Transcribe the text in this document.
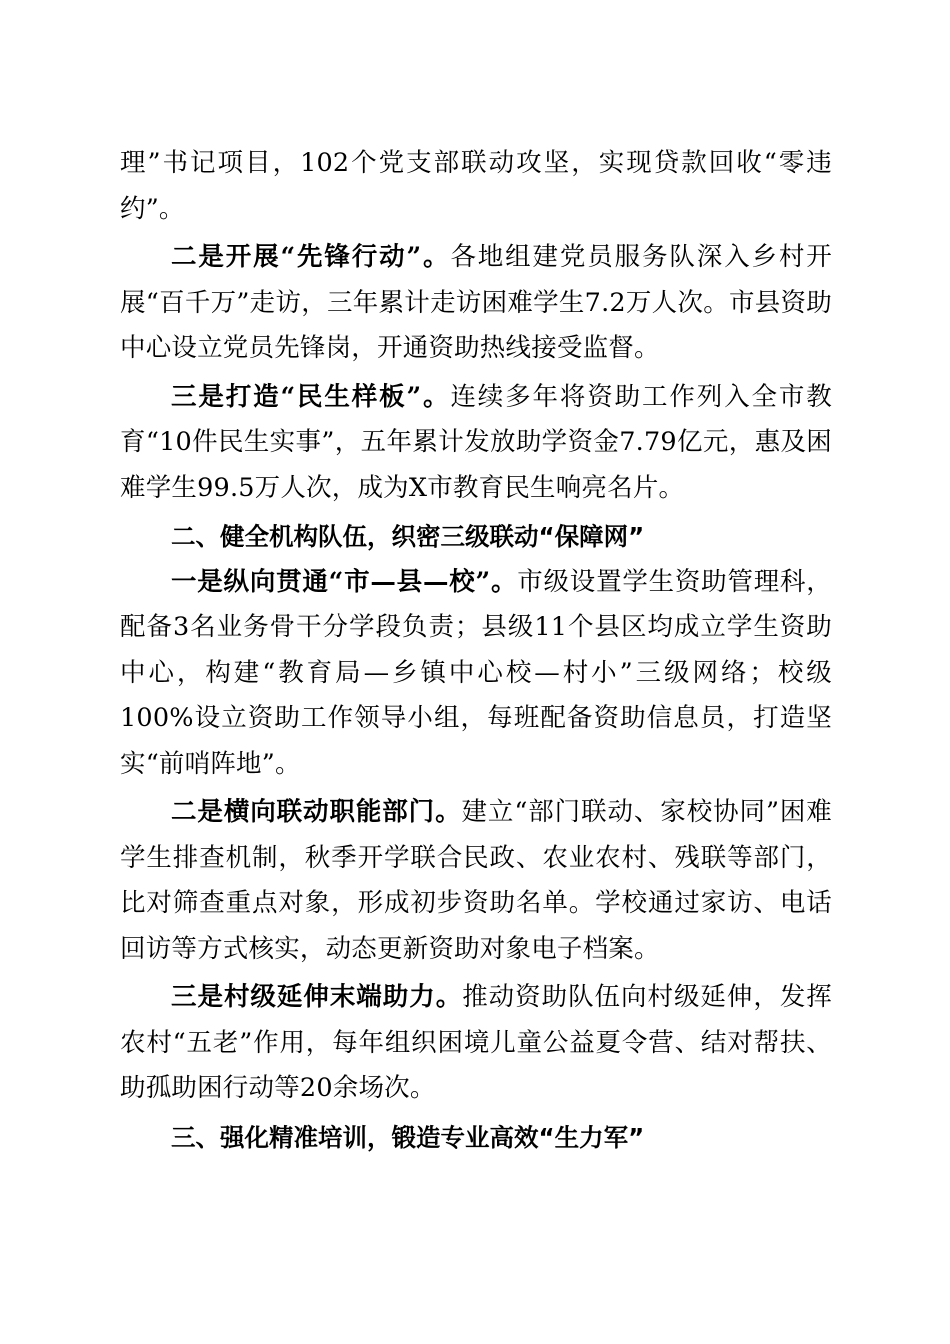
理”书记项目，102个党支部联动攻坚，实现贷款回收“零违约”。

二是开展“先锋行动”。各地组建党员服务队深入乡村开展“百千万”走访，三年累计走访困难学生7.2万人次。市县资助中心设立党员先锋岗，开通资助热线接受监督。

三是打造“民生样板”。连续多年将资助工作列入全市教育“10件民生实事”，五年累计发放助学资金7.79亿元，惠及困难学生99.5万人次，成为X市教育民生响亮名片。

二、健全机构队伍，织密三级联动“保障网”

一是纵向贯通“市—县—校”。市级设置学生资助管理科，配备3名业务骨干分学段负责；县级11个县区均成立学生资助中心，构建“教育局—乡镇中心校—村小”三级网络；校级100%设立资助工作领导小组，每班配备资助信息员，打造坚实“前哨阵地”。

二是横向联动职能部门。建立“部门联动、家校协同”困难学生排查机制，秋季开学联合民政、农业农村、残联等部门，比对筛查重点对象，形成初步资助名单。学校通过家访、电话回访等方式核实，动态更新资助对象电子档案。

三是村级延伸末端助力。推动资助队伍向村级延伸，发挥农村“五老”作用，每年组织困境儿童公益夏令营、结对帮扶、助孤助困行动等20余场次。

三、强化精准培训，锻造专业高效“生力军”
